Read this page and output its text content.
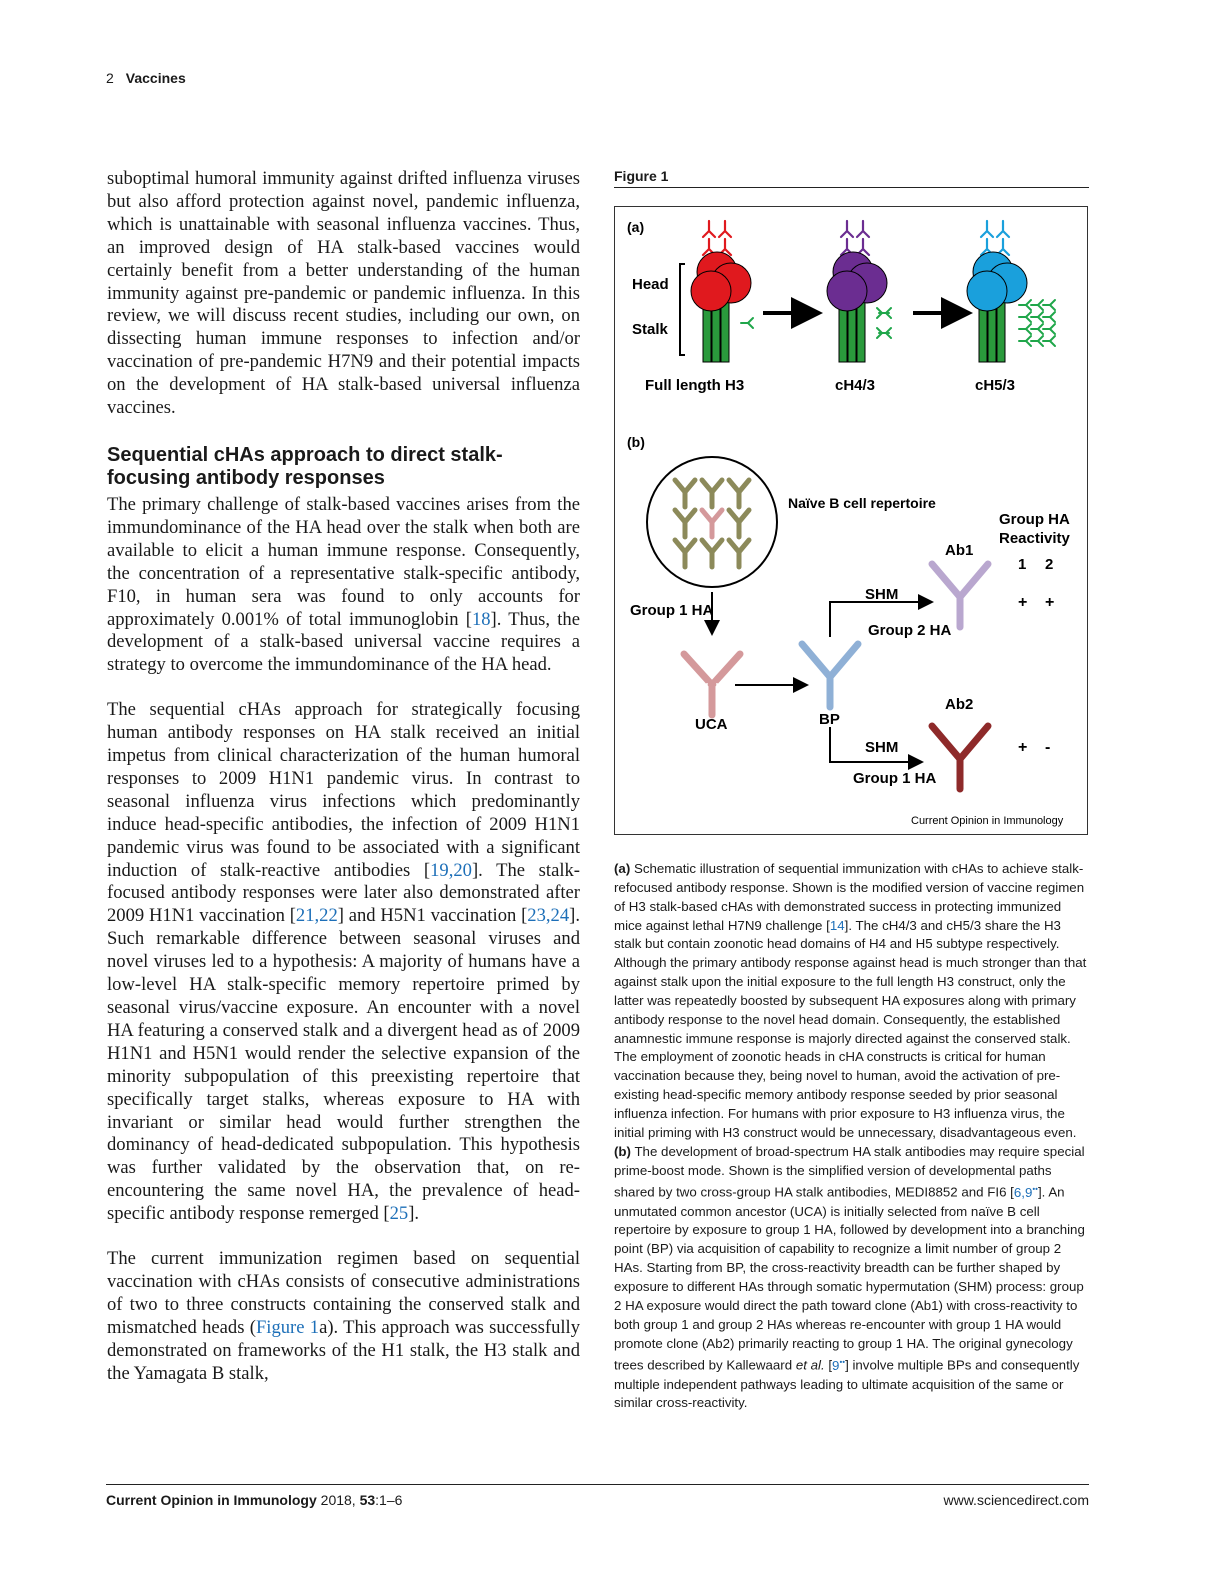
2 Vaccines

suboptimal humoral immunity against drifted influenza viruses but also afford protection against novel, pandemic influenza, which is unattainable with seasonal influenza vaccines. Thus, an improved design of HA stalk-based vaccines would certainly benefit from a better understanding of the human immunity against pre-pandemic or pandemic influenza. In this review, we will discuss recent studies, including our own, on dissecting human immune responses to infection and/or vaccination of pre-pandemic H7N9 and their potential impacts on the development of HA stalk-based universal influenza vaccines.

Sequential cHAs approach to direct stalk-focusing antibody responses

The primary challenge of stalk-based vaccines arises from the immundominance of the HA head over the stalk when both are available to elicit a human immune response. Consequently, the concentration of a representative stalk-specific antibody, F10, in human sera was found to only accounts for approximately 0.001% of total immunoglobin [18]. Thus, the development of a stalk-based universal vaccine requires a strategy to overcome the immundominance of the HA head.

The sequential cHAs approach for strategically focusing human antibody responses on HA stalk received an initial impetus from clinical characterization of the human humoral responses to 2009 H1N1 pandemic virus. In contrast to seasonal influenza virus infections which predominantly induce head-specific antibodies, the infection of 2009 H1N1 pandemic virus was found to be associated with a significant induction of stalk-reactive antibodies [19,20]. The stalk-focused antibody responses were later also demonstrated after 2009 H1N1 vaccination [21,22] and H5N1 vaccination [23,24]. Such remarkable difference between seasonal viruses and novel viruses led to a hypothesis: A majority of humans have a low-level HA stalk-specific memory repertoire primed by seasonal virus/vaccine exposure. An encounter with a novel HA featuring a conserved stalk and a divergent head as of 2009 H1N1 and H5N1 would render the selective expansion of the minority subpopulation of this preexisting repertoire that specifically target stalks, whereas exposure to HA with invariant or similar head would further strengthen the dominancy of head-dedicated subpopulation. This hypothesis was further validated by the observation that, on re-encountering the same novel HA, the prevalence of head-specific antibody response remerged [25].

The current immunization regimen based on sequential vaccination with cHAs consists of consecutive administrations of two to three constructs containing the conserved stalk and mismatched heads (Figure 1a). This approach was successfully demonstrated on frameworks of the H1 stalk, the H3 stalk and the Yamagata B stalk,

Figure 1
(a)
Head
Stalk
Full length H3	cH4/3	cH5/3
(b)
Naïve B cell repertoire
Group 1 HA
UCA	BP
SHM
Group 2 HA
Ab1
SHM
Group 1 HA
Ab2
Group HA
Reactivity
1 2
+ +
+ -
Current Opinion in Immunology
(a) Schematic illustration of sequential immunization with cHAs to achieve stalk-refocused antibody response. Shown is the modified version of vaccine regimen of H3 stalk-based cHAs with demonstrated success in protecting immunized mice against lethal H7N9 challenge [14]. The cH4/3 and cH5/3 share the H3 stalk but contain zoonotic head domains of H4 and H5 subtype respectively. Although the primary antibody response against head is much stronger than that against stalk upon the initial exposure to the full length H3 construct, only the latter was repeatedly boosted by subsequent HA exposures along with primary antibody response to the novel head domain. Consequently, the established anamnestic immune response is majorly directed against the conserved stalk. The employment of zoonotic heads in cHA constructs is critical for human vaccination because they, being novel to human, avoid the activation of pre-existing head-specific memory antibody response seeded by prior seasonal influenza infection. For humans with prior exposure to H3 influenza virus, the initial priming with H3 construct would be unnecessary, disadvantageous even. (b) The development of broad-spectrum HA stalk antibodies may require special prime-boost mode. Shown is the simplified version of developmental paths shared by two cross-group HA stalk antibodies, MEDI8852 and FI6 [6,9••]. An unmutated common ancestor (UCA) is initially selected from naïve B cell repertoire by exposure to group 1 HA, followed by development into a branching point (BP) via acquisition of capability to recognize a limit number of group 2 HAs. Starting from BP, the cross-reactivity breadth can be further shaped by exposure to different HAs through somatic hypermutation (SHM) process: group 2 HA exposure would direct the path toward clone (Ab1) with cross-reactivity to both group 1 and group 2 HAs whereas re-encounter with group 1 HA would promote clone (Ab2) primarily reacting to group 1 HA. The original gynecology trees described by Kallewaard et al. [9••] involve multiple BPs and consequently multiple independent pathways leading to ultimate acquisition of the same or similar cross-reactivity.
Current Opinion in Immunology 2018, 53:1–6	www.sciencedirect.com
